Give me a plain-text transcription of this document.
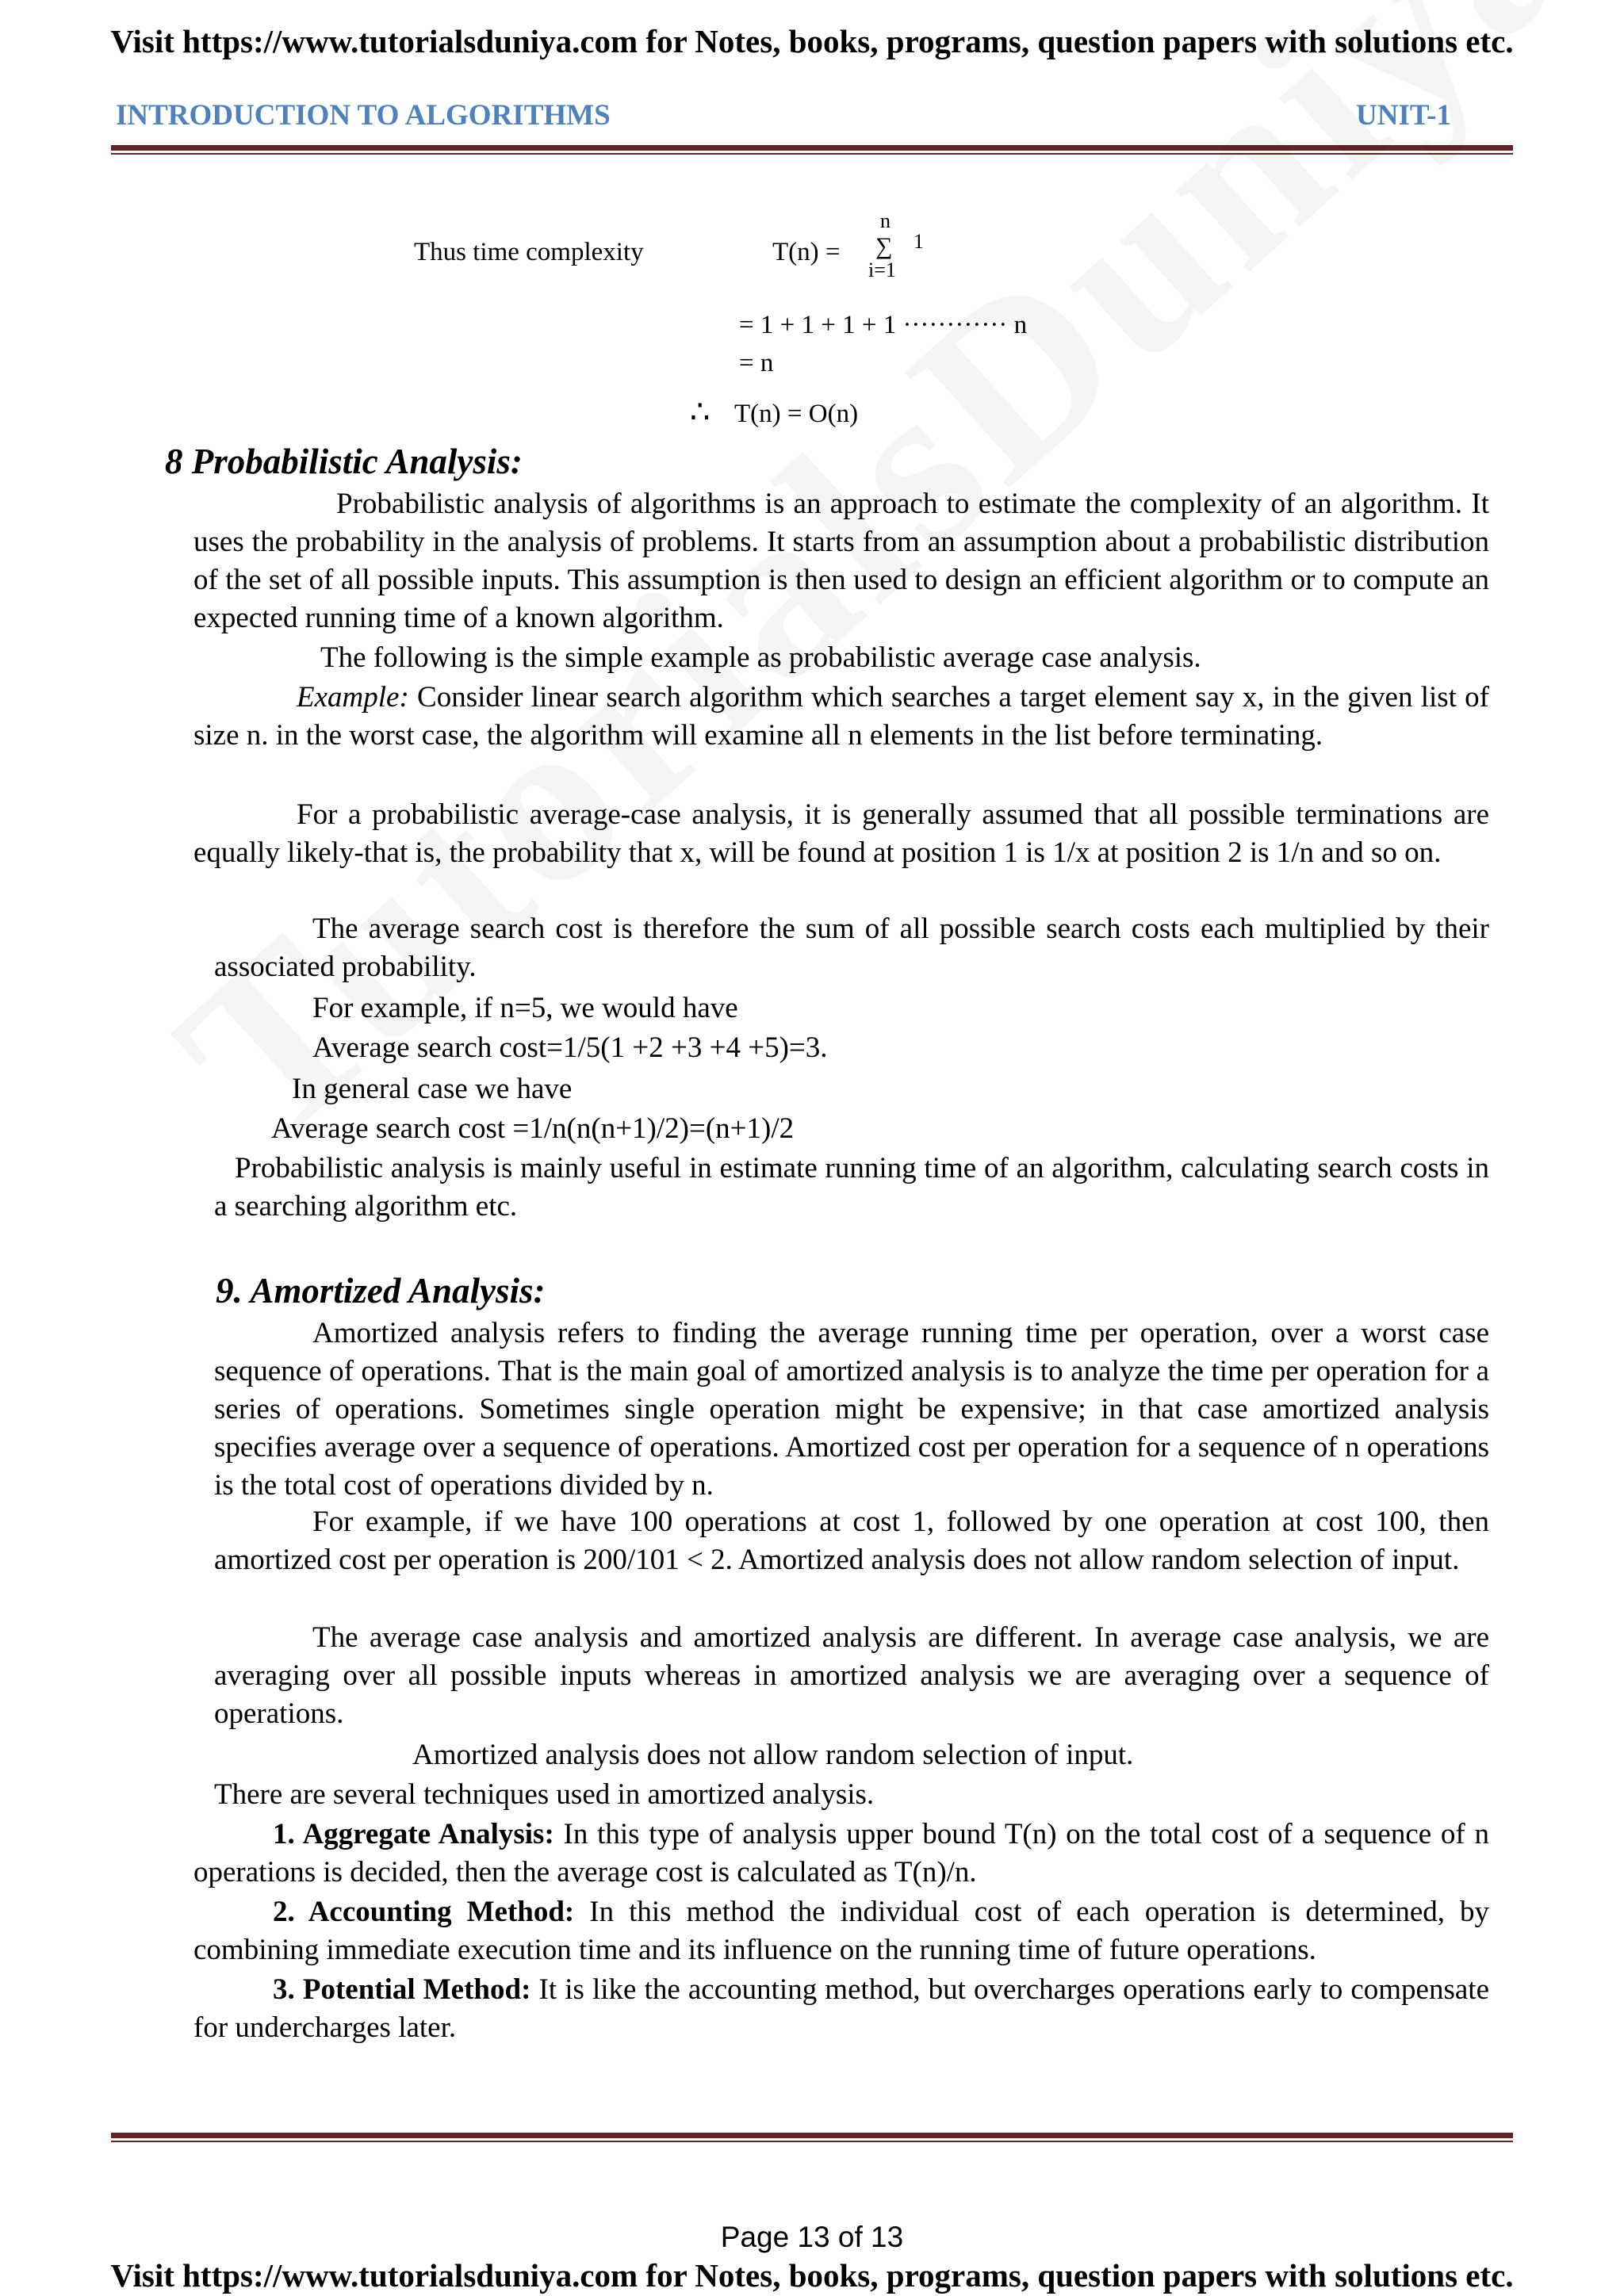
Visit https://www.tutorialsduniya.com for Notes, books, programs, question papers with solutions etc.
INTRODUCTION TO ALGORITHMS	UNIT-1
Thus time complexity	T(n) =
n
∑
i=1
1
= 1 + 1 + 1 + 1 ············ n
= n
∴ T(n) = O(n)
8 Probabilistic Analysis:
Probabilistic analysis of algorithms is an approach to estimate the complexity of an algorithm. It uses the probability in the analysis of problems. It starts from an assumption about a probabilistic distribution of the set of all possible inputs. This assumption is then used to design an efficient algorithm or to compute an expected running time of a known algorithm.
The following is the simple example as probabilistic average case analysis.
Example: Consider linear search algorithm which searches a target element say x, in the given list of size n. in the worst case, the algorithm will examine all n elements in the list before terminating.
For a probabilistic average-case analysis, it is generally assumed that all possible terminations are equally likely-that is, the probability that x, will be found at position 1 is 1/x at position 2 is 1/n and so on.
The average search cost is therefore the sum of all possible search costs each multiplied by their associated probability.
For example, if n=5, we would have
Average search cost=1/5(1 +2 +3 +4 +5)=3.
In general case we have
Average search cost =1/n(n(n+1)/2)=(n+1)/2
Probabilistic analysis is mainly useful in estimate running time of an algorithm, calculating search costs in a searching algorithm etc.
9. Amortized Analysis:
Amortized analysis refers to finding the average running time per operation, over a worst case sequence of operations. That is the main goal of amortized analysis is to analyze the time per operation for a series of operations. Sometimes single operation might be expensive; in that case amortized analysis specifies average over a sequence of operations. Amortized cost per operation for a sequence of n operations is the total cost of operations divided by n.
For example, if we have 100 operations at cost 1, followed by one operation at cost 100, then amortized cost per operation is 200/101 < 2. Amortized analysis does not allow random selection of input.
The average case analysis and amortized analysis are different. In average case analysis, we are averaging over all possible inputs whereas in amortized analysis we are averaging over a sequence of operations.
Amortized analysis does not allow random selection of input.
There are several techniques used in amortized analysis.
1. Aggregate Analysis: In this type of analysis upper bound T(n) on the total cost of a sequence of n operations is decided, then the average cost is calculated as T(n)/n.
2. Accounting Method: In this method the individual cost of each operation is determined, by combining immediate execution time and its influence on the running time of future operations.
3. Potential Method: It is like the accounting method, but overcharges operations early to compensate for undercharges later.
Page 13 of 13
Visit https://www.tutorialsduniya.com for Notes, books, programs, question papers with solutions etc.
